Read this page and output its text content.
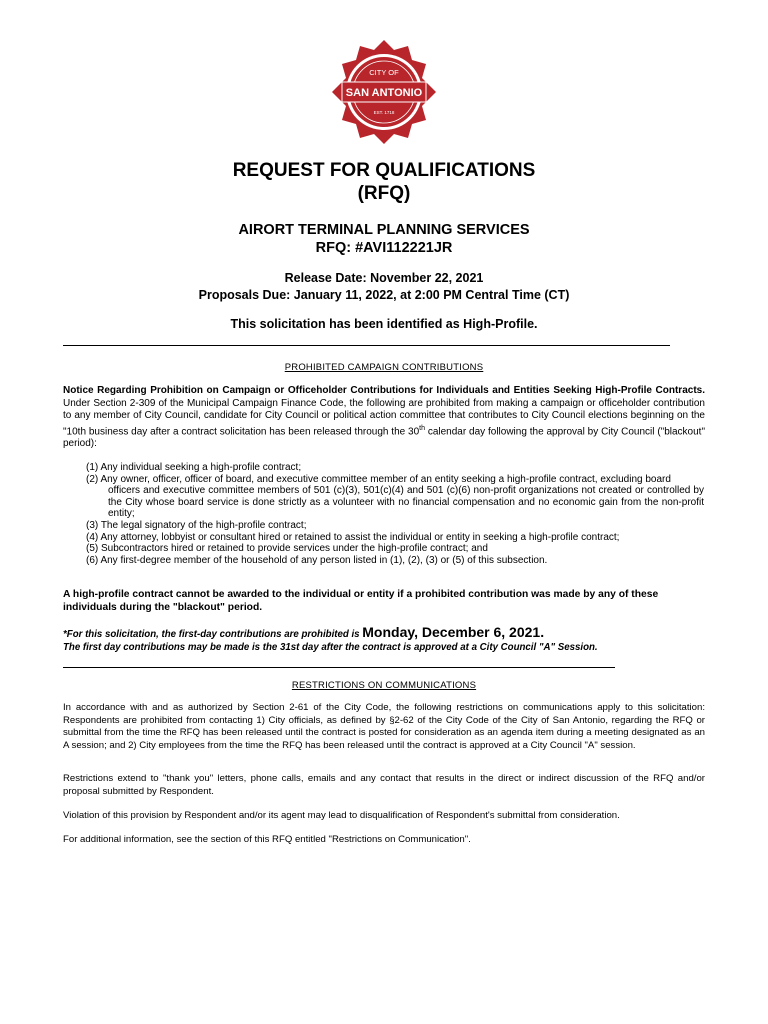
CITY OF
SAN ANTONIO
EST. 1718
REQUEST FOR QUALIFICATIONS
(RFQ)
AIRORT TERMINAL PLANNING SERVICES
RFQ: #AVI112221JR
Release Date: November 22, 2021
Proposals Due: January 11, 2022, at 2:00 PM Central Time (CT)
This solicitation has been identified as High-Profile.
PROHIBITED CAMPAIGN CONTRIBUTIONS

Notice Regarding Prohibition on Campaign or Officeholder Contributions for Individuals and Entities Seeking High-Profile Contracts. Under Section 2-309 of the Municipal Campaign Finance Code, the following are prohibited from making a campaign or officeholder contribution to any member of City Council, candidate for City Council or political action committee that contributes to City Council elections beginning on the "10th business day after a contract solicitation has been released through the 30th calendar day following the approval by City Council ("blackout" period):

(1) Any individual seeking a high-profile contract;
(2) Any owner, officer, officer of board, and executive committee member of an entity seeking a high-profile contract, excluding board
officers and executive committee members of 501 (c)(3), 501(c)(4) and 501 (c)(6) non-profit organizations not created or controlled by the City whose board service is done strictly as a volunteer with no financial compensation and no economic gain from the non-profit entity;
(3) The legal signatory of the high-profile contract;
(4) Any attorney, lobbyist or consultant hired or retained to assist the individual or entity in seeking a high-profile contract;
(5) Subcontractors hired or retained to provide services under the high-profile contract; and
(6) Any first-degree member of the household of any person listed in (1), (2), (3) or (5) of this subsection.

A high-profile contract cannot be awarded to the individual or entity if a prohibited contribution was made by any of these individuals during the "blackout" period.

*For this solicitation, the first-day contributions are prohibited is Monday, December 6, 2021.
The first day contributions may be made is the 31st day after the contract is approved at a City Council "A" Session.

RESTRICTIONS ON COMMUNICATIONS

In accordance with and as authorized by Section 2-61 of the City Code, the following restrictions on communications apply to this solicitation: Respondents are prohibited from contacting 1) City officials, as defined by §2-62 of the City Code of the City of San Antonio, regarding the RFQ or submittal from the time the RFQ has been released until the contract is posted for consideration as an agenda item during a meeting designated as an A session; and 2) City employees from the time the RFQ has been released until the contract is approved at a City Council "A" session.

Restrictions extend to "thank you" letters, phone calls, emails and any contact that results in the direct or indirect discussion of the RFQ and/or proposal submitted by Respondent.

Violation of this provision by Respondent and/or its agent may lead to disqualification of Respondent's submittal from consideration.

For additional information, see the section of this RFQ entitled "Restrictions on Communication".
